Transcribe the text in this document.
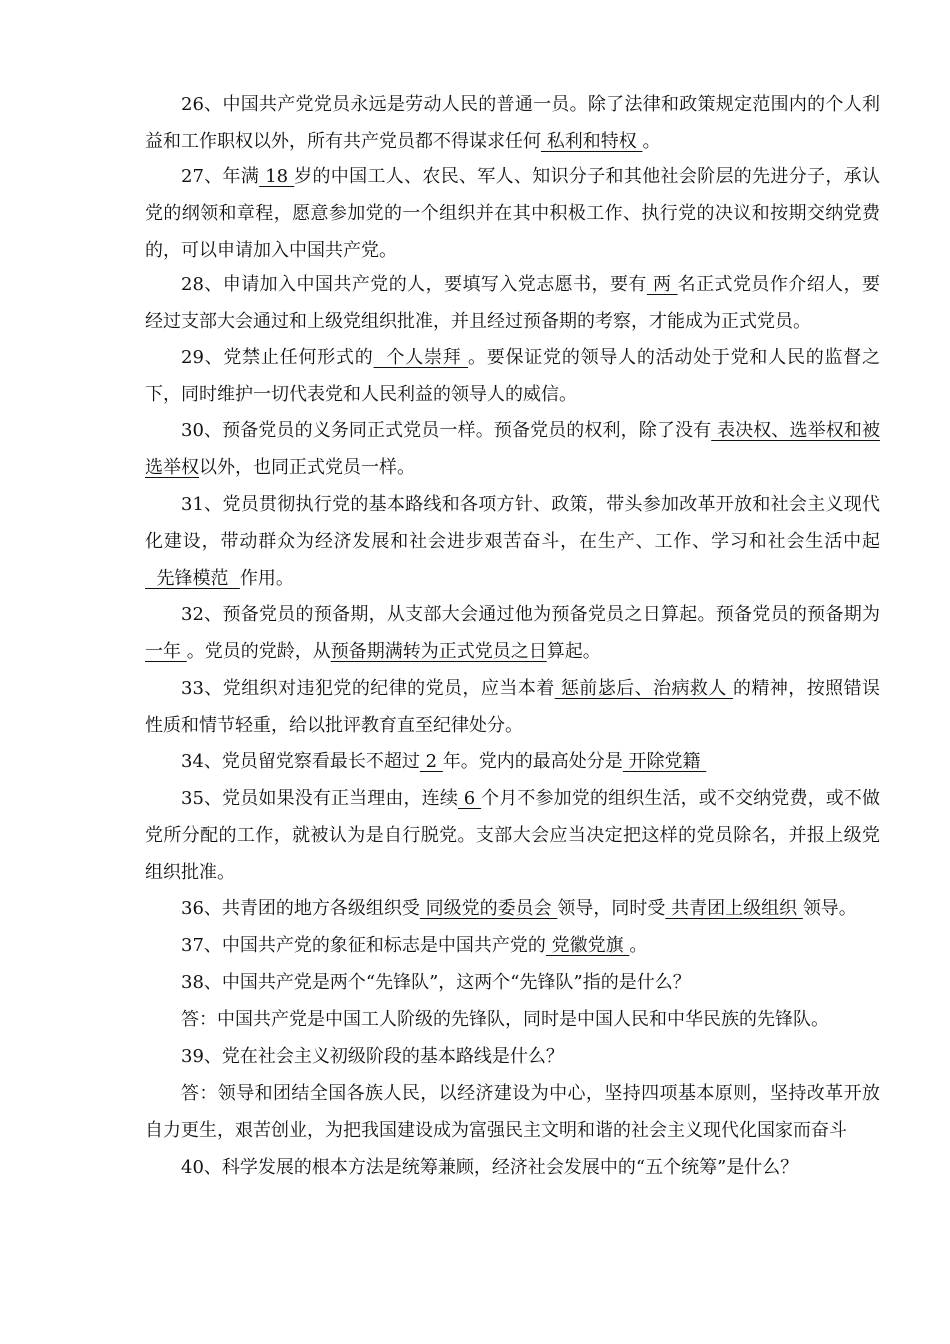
26、中国共产党党员永远是劳动人民的普通一员。除了法律和政策规定范围内的个人利益和工作职权以外，所有共产党员都不得谋求任何 私利和特权 。

27、年满 18 岁的中国工人、农民、军人、知识分子和其他社会阶层的先进分子，承认党的纲领和章程，愿意参加党的一个组织并在其中积极工作、执行党的决议和按期交纳党费的，可以申请加入中国共产党。

28、申请加入中国共产党的人，要填写入党志愿书，要有 两 名正式党员作介绍人，要经过支部大会通过和上级党组织批准，并且经过预备期的考察，才能成为正式党员。

29、党禁止任何形式的  个人崇拜 。要保证党的领导人的活动处于党和人民的监督之下，同时维护一切代表党和人民利益的领导人的威信。

30、预备党员的义务同正式党员一样。预备党员的权利，除了没有 表决权、选举权和被选举权以外，也同正式党员一样。

31、党员贯彻执行党的基本路线和各项方针、政策，带头参加改革开放和社会主义现代化建设，带动群众为经济发展和社会进步艰苦奋斗，在生产、工作、学习和社会生活中起  先锋模范  作用。

32、预备党员的预备期，从支部大会通过他为预备党员之日算起。预备党员的预备期为一年 。党员的党龄，从预备期满转为正式党员之日算起。

33、党组织对违犯党的纪律的党员，应当本着 惩前毖后、治病救人 的精神，按照错误性质和情节轻重，给以批评教育直至纪律处分。

34、党员留党察看最长不超过 2 年。党内的最高处分是 开除党籍

35、党员如果没有正当理由，连续 6 个月不参加党的组织生活，或不交纳党费，或不做党所分配的工作，就被认为是自行脱党。支部大会应当决定把这样的党员除名，并报上级党组织批准。

36、共青团的地方各级组织受 同级党的委员会 领导，同时受 共青团上级组织 领导。

37、中国共产党的象征和标志是中国共产党的 党徽党旗 。

38、中国共产党是两个“先锋队”，这两个“先锋队”指的是什么？

答：中国共产党是中国工人阶级的先锋队，同时是中国人民和中华民族的先锋队。

39、党在社会主义初级阶段的基本路线是什么？

答：领导和团结全国各族人民，以经济建设为中心，坚持四项基本原则，坚持改革开放自力更生，艰苦创业，为把我国建设成为富强民主文明和谐的社会主义现代化国家而奋斗

40、科学发展的根本方法是统筹兼顾，经济社会发展中的“五个统筹”是什么？
